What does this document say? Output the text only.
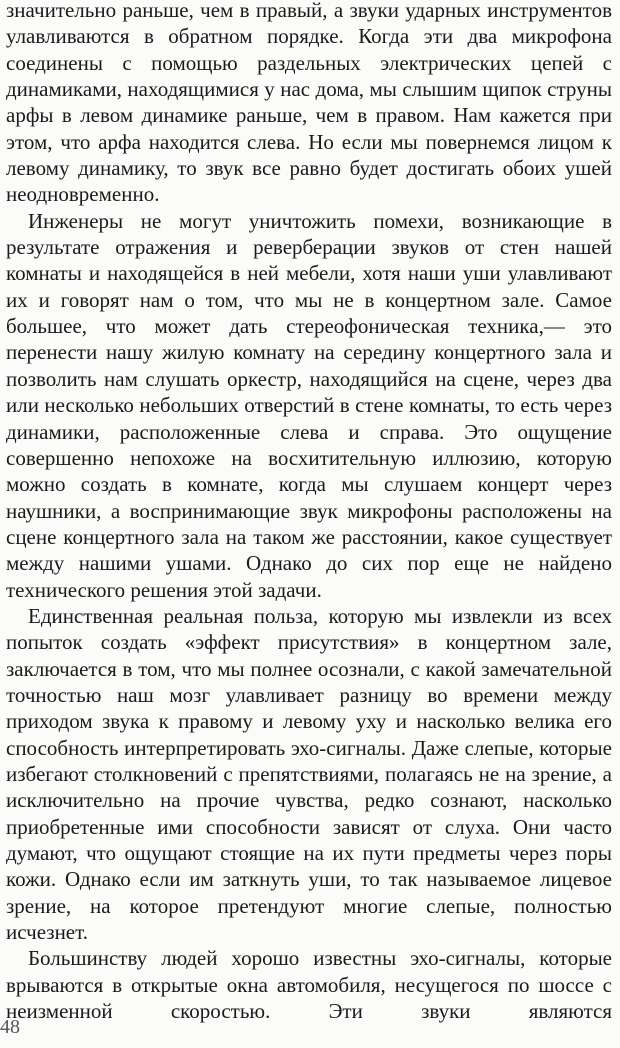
значительно раньше, чем в правый, а звуки ударных инструментов улавливаются в обратном порядке. Когда эти два микрофона соединены с помощью раздельных электрических цепей с динамиками, находящимися у нас дома, мы слышим щипок струны арфы в левом динамике раньше, чем в правом. Нам кажется при этом, что арфа находится слева. Но если мы повернемся лицом к левому динамику, то звук все равно будет достигать обоих ушей неодновременно.

Инженеры не могут уничтожить помехи, возникающие в результате отражения и реверберации звуков от стен нашей комнаты и находящейся в ней мебели, хотя наши уши улавливают их и говорят нам о том, что мы не в концертном зале. Самое большее, что может дать стереофоническая техника,— это перенести нашу жилую комнату на середину концертного зала и позволить нам слушать оркестр, находящийся на сцене, через два или несколько небольших отверстий в стене комнаты, то есть через динамики, расположенные слева и справа. Это ощущение совершенно непохоже на восхитительную иллюзию, которую можно создать в комнате, когда мы слушаем концерт через наушники, а воспринимающие звук микрофоны расположены на сцене концертного зала на таком же расстоянии, какое существует между нашими ушами. Однако до сих пор еще не найдено технического решения этой задачи.

Единственная реальная польза, которую мы извлекли из всех попыток создать «эффект присутствия» в концертном зале, заключается в том, что мы полнее осознали, с какой замечательной точностью наш мозг улавливает разницу во времени между приходом звука к правому и левому уху и насколько велика его способность интерпретировать эхо-сигналы. Даже слепые, которые избегают столкновений с препятствиями, полагаясь не на зрение, а исключительно на прочие чувства, редко сознают, насколько приобретенные ими способности зависят от слуха. Они часто думают, что ощущают стоящие на их пути предметы через поры кожи. Однако если им заткнуть уши, то так называемое лицевое зрение, на которое претендуют многие слепые, полностью исчезнет.

Большинству людей хорошо известны эхо-сигналы, которые врываются в открытые окна автомобиля, несущегося по шоссе с неизменной скоростью. Эти звуки являются

48
